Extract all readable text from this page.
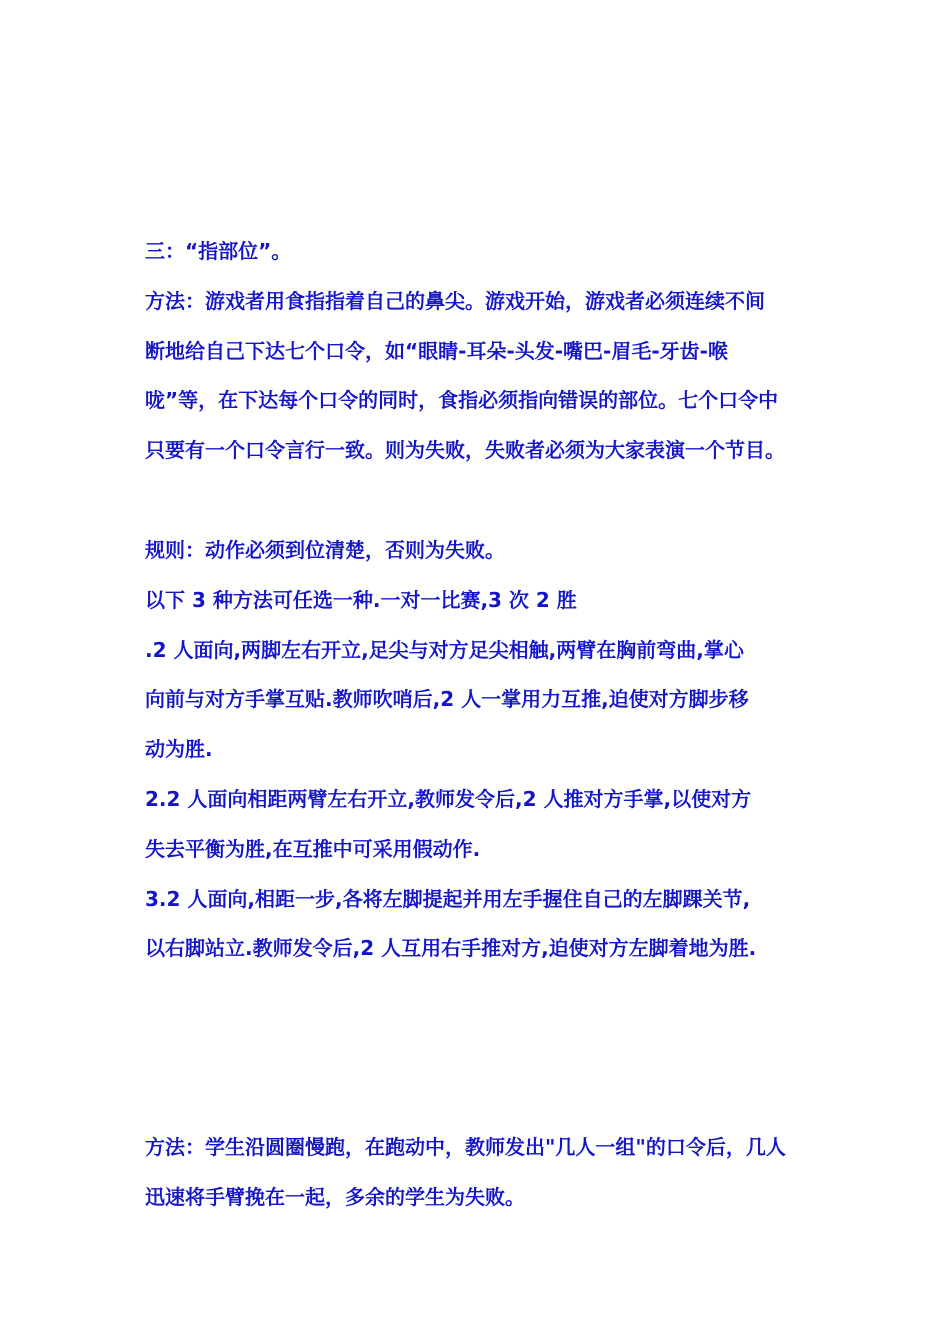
三：“指部位”。
方法：游戏者用食指指着自己的鼻尖。游戏开始，游戏者必须连续不间
断地给自己下达七个口令，如“眼睛-耳朵-头发-嘴巴-眉毛-牙齿-喉
咙”等，在下达每个口令的同时，食指必须指向错误的部位。七个口令中
只要有一个口令言行一致。则为失败，失败者必须为大家表演一个节目。
规则：动作必须到位清楚，否则为失败。
以下 3 种方法可任选一种.一对一比赛,3 次 2 胜
.2 人面向,两脚左右开立,足尖与对方足尖相触,两臂在胸前弯曲,掌心
向前与对方手掌互贴.教师吹哨后,2 人一掌用力互推,迫使对方脚步移
动为胜.
2.2 人面向相距两臂左右开立,教师发令后,2 人推对方手掌,以使对方
失去平衡为胜,在互推中可采用假动作.
3.2 人面向,相距一步,各将左脚提起并用左手握住自己的左脚踝关节,
以右脚站立.教师发令后,2 人互用右手推对方,迫使对方左脚着地为胜.
方法：学生沿圆圈慢跑，在跑动中，教师发出"几人一组"的口令后，几人
迅速将手臂挽在一起，多余的学生为失败。
